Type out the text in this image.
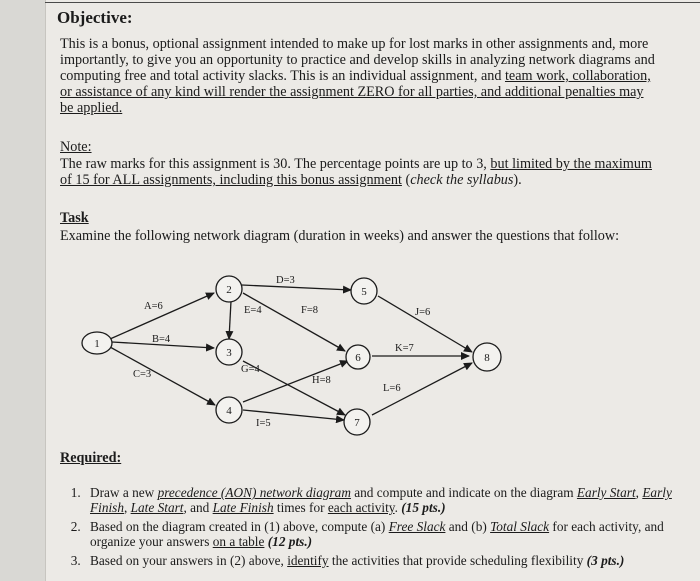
Objective:
This is a bonus, optional assignment intended to make up for lost marks in other assignments and, more importantly, to give you an opportunity to practice and develop skills in analyzing network diagrams and computing free and total activity slacks. This is an individual assignment, and team work, collaboration, or assistance of any kind will render the assignment ZERO for all parties, and additional penalties may be applied.
Note:
The raw marks for this assignment is 30. The percentage points are up to 3, but limited by the maximum of 15 for ALL assignments, including this bonus assignment (check the syllabus).
Task
Examine the following network diagram (duration in weeks) and answer the questions that follow:
1
2
3
4
5
6
7
8
A=6
B=4
C=3
D=3
E=4	F=8
G=4
H=8
I=5
J=6
K=7
L=6
Required:
1. Draw a new precedence (AON) network diagram and compute and indicate on the diagram Early Start, Early Finish, Late Start, and Late Finish times for each activity. (15 pts.)
2. Based on the diagram created in (1) above, compute (a) Free Slack and (b) Total Slack for each activity, and organize your answers on a table (12 pts.)
3. Based on your answers in (2) above, identify the activities that provide scheduling flexibility (3 pts.)
